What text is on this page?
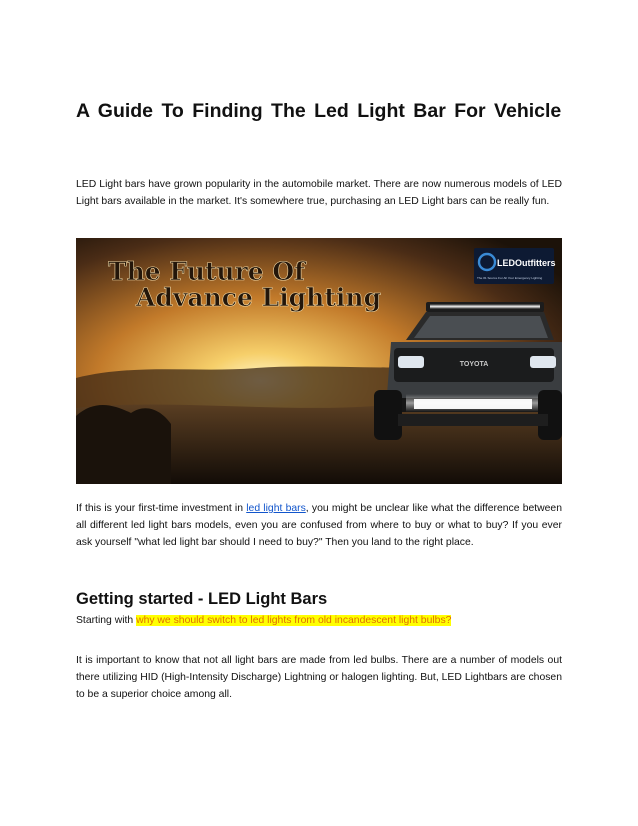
A Guide To Finding The Led Light Bar For Vehicle

LED Light bars have grown popularity in the automobile market. There are now numerous models of LED Light bars available in the market. It's somewhere true, purchasing an LED Light bars can be really fun.

TOYOTA
The Future Of
Advance Lighting
LEDOutfitters
The #1 Source For All Your Emergency Lighting

If this is your first-time investment in led light bars, you might be unclear like what the difference between all different led light bars models, even you are confused from where to buy or what to buy? If you ever ask yourself "what led light bar should I need to buy?" Then you land to the right place.

Getting started - LED Light Bars

Starting with why we should switch to led lights from old incandescent light bulbs?

It is important to know that not all light bars are made from led bulbs. There are a number of models out there utilizing HID (High-Intensity Discharge) Lightning or halogen lighting. But, LED Lightbars are chosen to be a superior choice among all.
